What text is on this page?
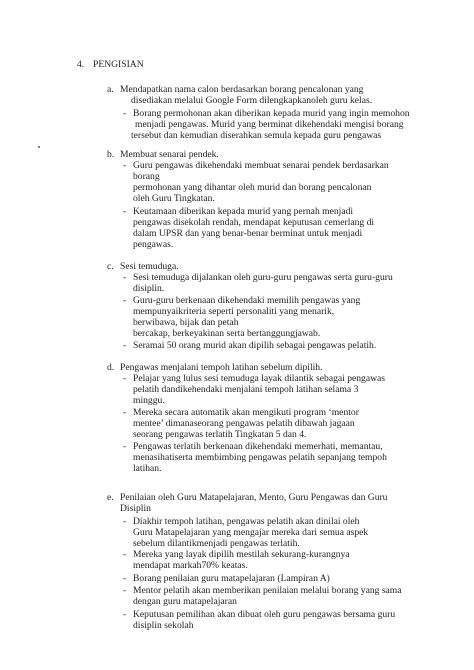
4. PENGISIAN
a. Mendapatkan nama calon berdasarkan borang pencalonan yang
disediakan melalui Google Form dilengkapkanoleh guru kelas.
- Borang permohonan akan diberikan kepada murid yang ingin memohon
menjadi pengawas. Murid yang berminat dikehendaki mengisi borang
tersebut dan kemudian diserahkan semula kepada guru pengawas
b. Membuat senarai pendek.
- Guru pengawas dikehendaki membuat senarai pendek berdasarkan
borang
permohonan yang dihantar oleh murid dan borang pencalonan
oleh Guru Tingkatan.
- Keutamaan diberikan kepada murid yang pernah menjadi
pengawas disekolah rendah, mendapat keputusan cemerlang di
dalam UPSR dan yang benar-benar berminat untuk menjadi
pengawas.
c. Sesi temuduga.
- Sesi temuduga dijalankan oleh guru-guru pengawas serta guru-guru
disiplin.
- Guru-guru berkenaan dikehendaki memilih pengawas yang
mempunyaikriteria seperti personaliti yang menarik,
berwibawa, bijak dan petah
bercakap, berkeyakinan serta bertanggungjawab.
- Seramai 50 orang murid akan dipilih sebagai pengawas pelatih.
d. Pengawas menjalani tempoh latihan sebelum dipilih.
- Pelajar yang lulus sesi temuduga layak dilantik sebagai pengawas
pelatih dandikehendaki menjalani tempoh latihan selama 3
minggu.
- Mereka secara automatik akan mengikuti program ‘mentor
mentee’ dimanaseorang pengawas pelatih dibawah jagaan
seorang pengawas terlatih Tingkatan 5 dan 4.
- Pengawas terlatih berkenaan dikehendaki memerhati, memantau,
menasihatiserta membimbing pengawas pelatih sepanjang tempoh
latihan.
e. Penilaian oleh Guru Matapelajaran, Mento, Guru Pengawas dan Guru
Disiplin
- Diakhir tempoh latihan, pengawas pelatih akan dinilai oleh
Guru Matapelajaran yang mengajar mereka dari semua aspek
sebelum dilantikmenjadi pengawas terlatih.
- Mereka yang layak dipilih mestilah sekurang-kurangnya
mendapat markah70% keatas.
- Borang penilaian guru matapelajaran (Lampiran A)
- Mentor pelatih akan memberikan penilaian melalui borang yang sama
dengan guru matapelajaran
- Keputusan pemilihan akan dibuat oleh guru pengawas bersama guru
disiplin sekolah
